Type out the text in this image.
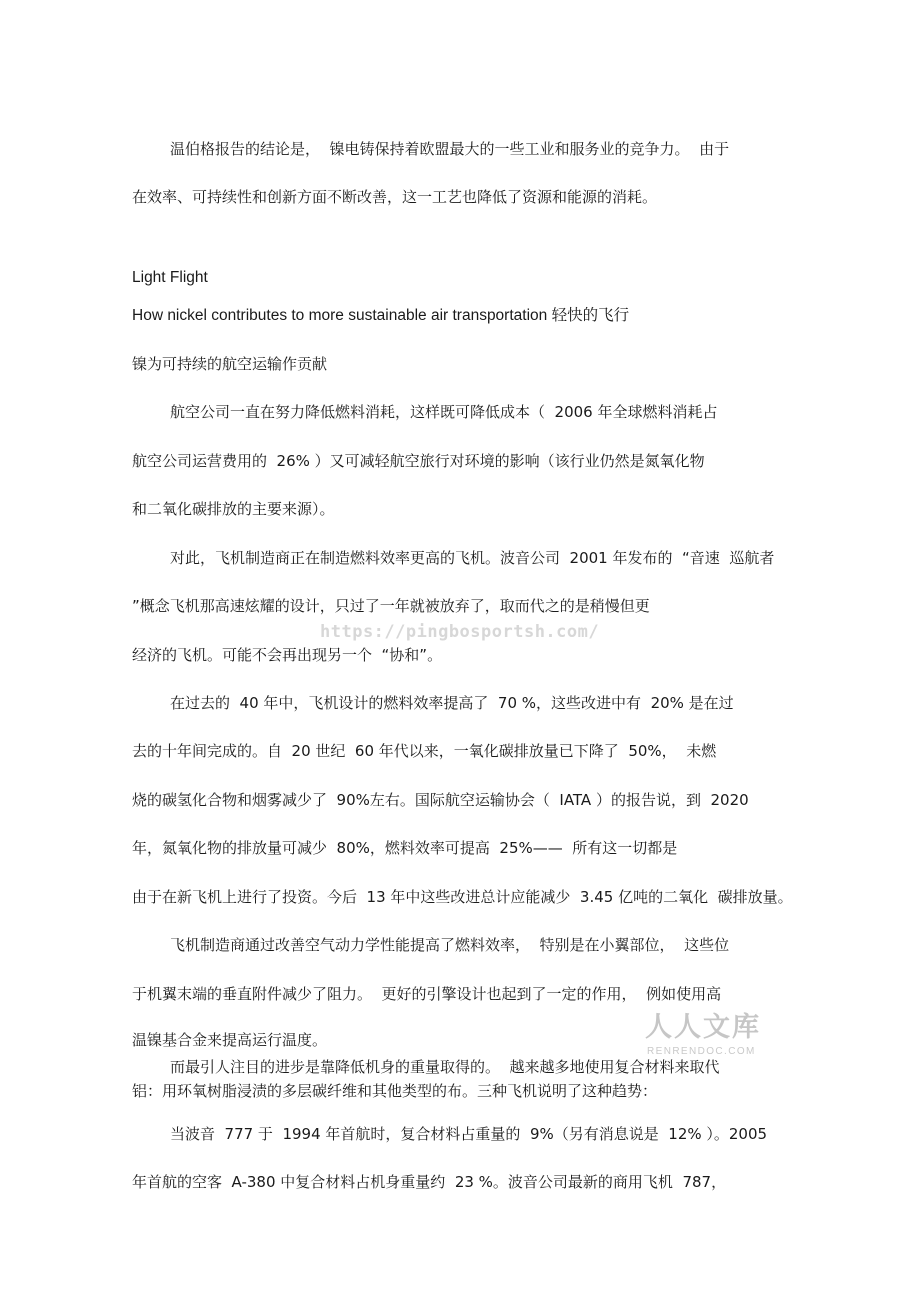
温伯格报告的结论是，  镍电铸保持着欧盟最大的一些工业和服务业的竞争力。  由于
在效率、可持续性和创新方面不断改善，这一工艺也降低了资源和能源的消耗。
Light Flight
How nickel contributes to more sustainable air transportation 轻快的飞行
镍为可持续的航空运输作贡献
航空公司一直在努力降低燃料消耗，这样既可降低成本（  2006 年全球燃料消耗占
航空公司运营费用的  26% ）又可减轻航空旅行对环境的影响（该行业仍然是氮氧化物
和二氧化碳排放的主要来源）。
对此，飞机制造商正在制造燃料效率更高的飞机。波音公司  2001 年发布的  “音速  巡航者
”概念飞机那高速炫耀的设计，只过了一年就被放弃了，取而代之的是稍慢但更
经济的飞机。可能不会再出现另一个  “协和”。
在过去的  40 年中，飞机设计的燃料效率提高了  70 %，这些改进中有  20% 是在过
去的十年间完成的。自  20 世纪  60 年代以来，一氧化碳排放量已下降了  50%，  未燃
烧的碳氢化合物和烟雾减少了  90%左右。国际航空运输协会（  IATA ）的报告说，到  2020
年，氮氧化物的排放量可减少  80%，燃料效率可提高  25%——  所有这一切都是
由于在新飞机上进行了投资。今后  13 年中这些改进总计应能减少  3.45 亿吨的二氧化  碳排放量。
飞机制造商通过改善空气动力学性能提高了燃料效率，  特别是在小翼部位，  这些位
于机翼末端的垂直附件减少了阻力。  更好的引擎设计也起到了一定的作用，  例如使用高
温镍基合金来提高运行温度。
而最引人注目的进步是靠降低机身的重量取得的。  越来越多地使用复合材料来取代
铝：用环氧树脂浸渍的多层碳纤维和其他类型的布。三种飞机说明了这种趋势：
当波音  777 于  1994 年首航时，复合材料占重量的  9%（另有消息说是  12% ）。2005
年首航的空客  A-380 中复合材料占机身重量约  23 %。波音公司最新的商用飞机  787，
https://pingbosportsh.com/
人人文库
RENRENDOC.COM
